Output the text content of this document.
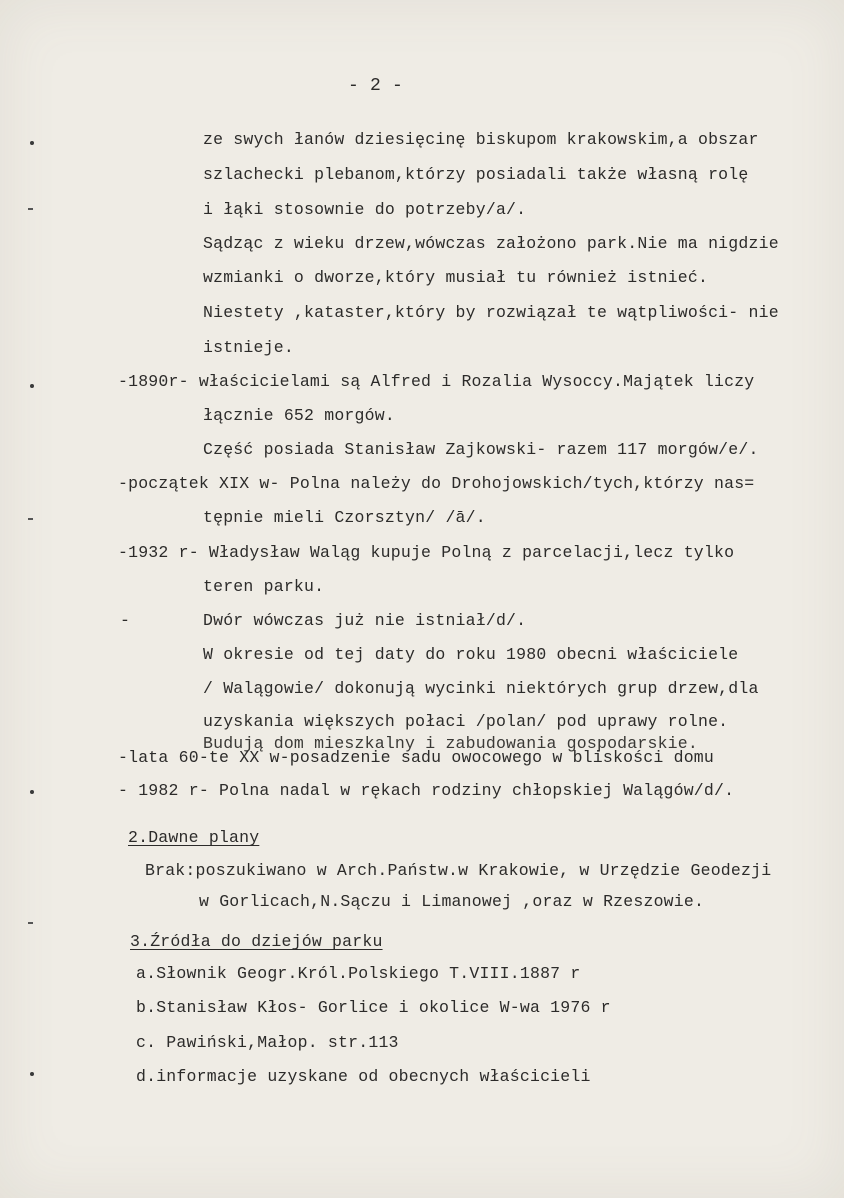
- 2 -
ze swych łanów dziesięcinę biskupom krakowskim,a obszar
szlachecki plebanom,którzy posiadali także własną rolę
i łąki stosownie do potrzeby/a/.
Sądząc z wieku drzew,wówczas założono park.Nie ma nigdzie
wzmianki o dworze,który musiał tu również istnieć.
Niestety ,kataster,który by rozwiązał te wątpliwości- nie
istnieje.
-1890r- właścicielami są Alfred i Rozalia Wysoccy.Majątek liczy
łącznie 652 morgów.
Część posiada Stanisław Zajkowski- razem 117 morgów/e/.
-początek XIX w- Polna należy do Drohojowskich/tych,którzy nas=
tępnie mieli Czorsztyn/ /ā/.
-1932 r- Władysław Waląg kupuje Polną z parcelacji,lecz tylko
teren parku.
-	Dwór wówczas już nie istniał/d/.
W okresie od tej daty do roku 1980 obecni właściciele
/ Walągowie/ dokonują wycinki niektórych grup drzew,dla
uzyskania większych połaci /polan/ pod uprawy rolne.
Budują dom mieszkalny i zabudowania gospodarskie.
-lata 60-te XX w-posadzenie sadu owocowego w bliskości domu
- 1982 r- Polna nadal w rękach rodziny chłopskiej Walągów/d/.
2.Dawne plany
Brak:poszukiwano w Arch.Państw.w Krakowie, w Urzędzie Geodezji
w Gorlicach,N.Sączu i Limanowej ,oraz w Rzeszowie.
3.Źródła do dziejów parku
a.Słownik Geogr.Król.Polskiego T.VIII.1887 r
b.Stanisław Kłos- Gorlice i okolice W-wa 1976 r
c. Pawiński,Małop. str.113
d.informacje uzyskane od obecnych właścicieli
